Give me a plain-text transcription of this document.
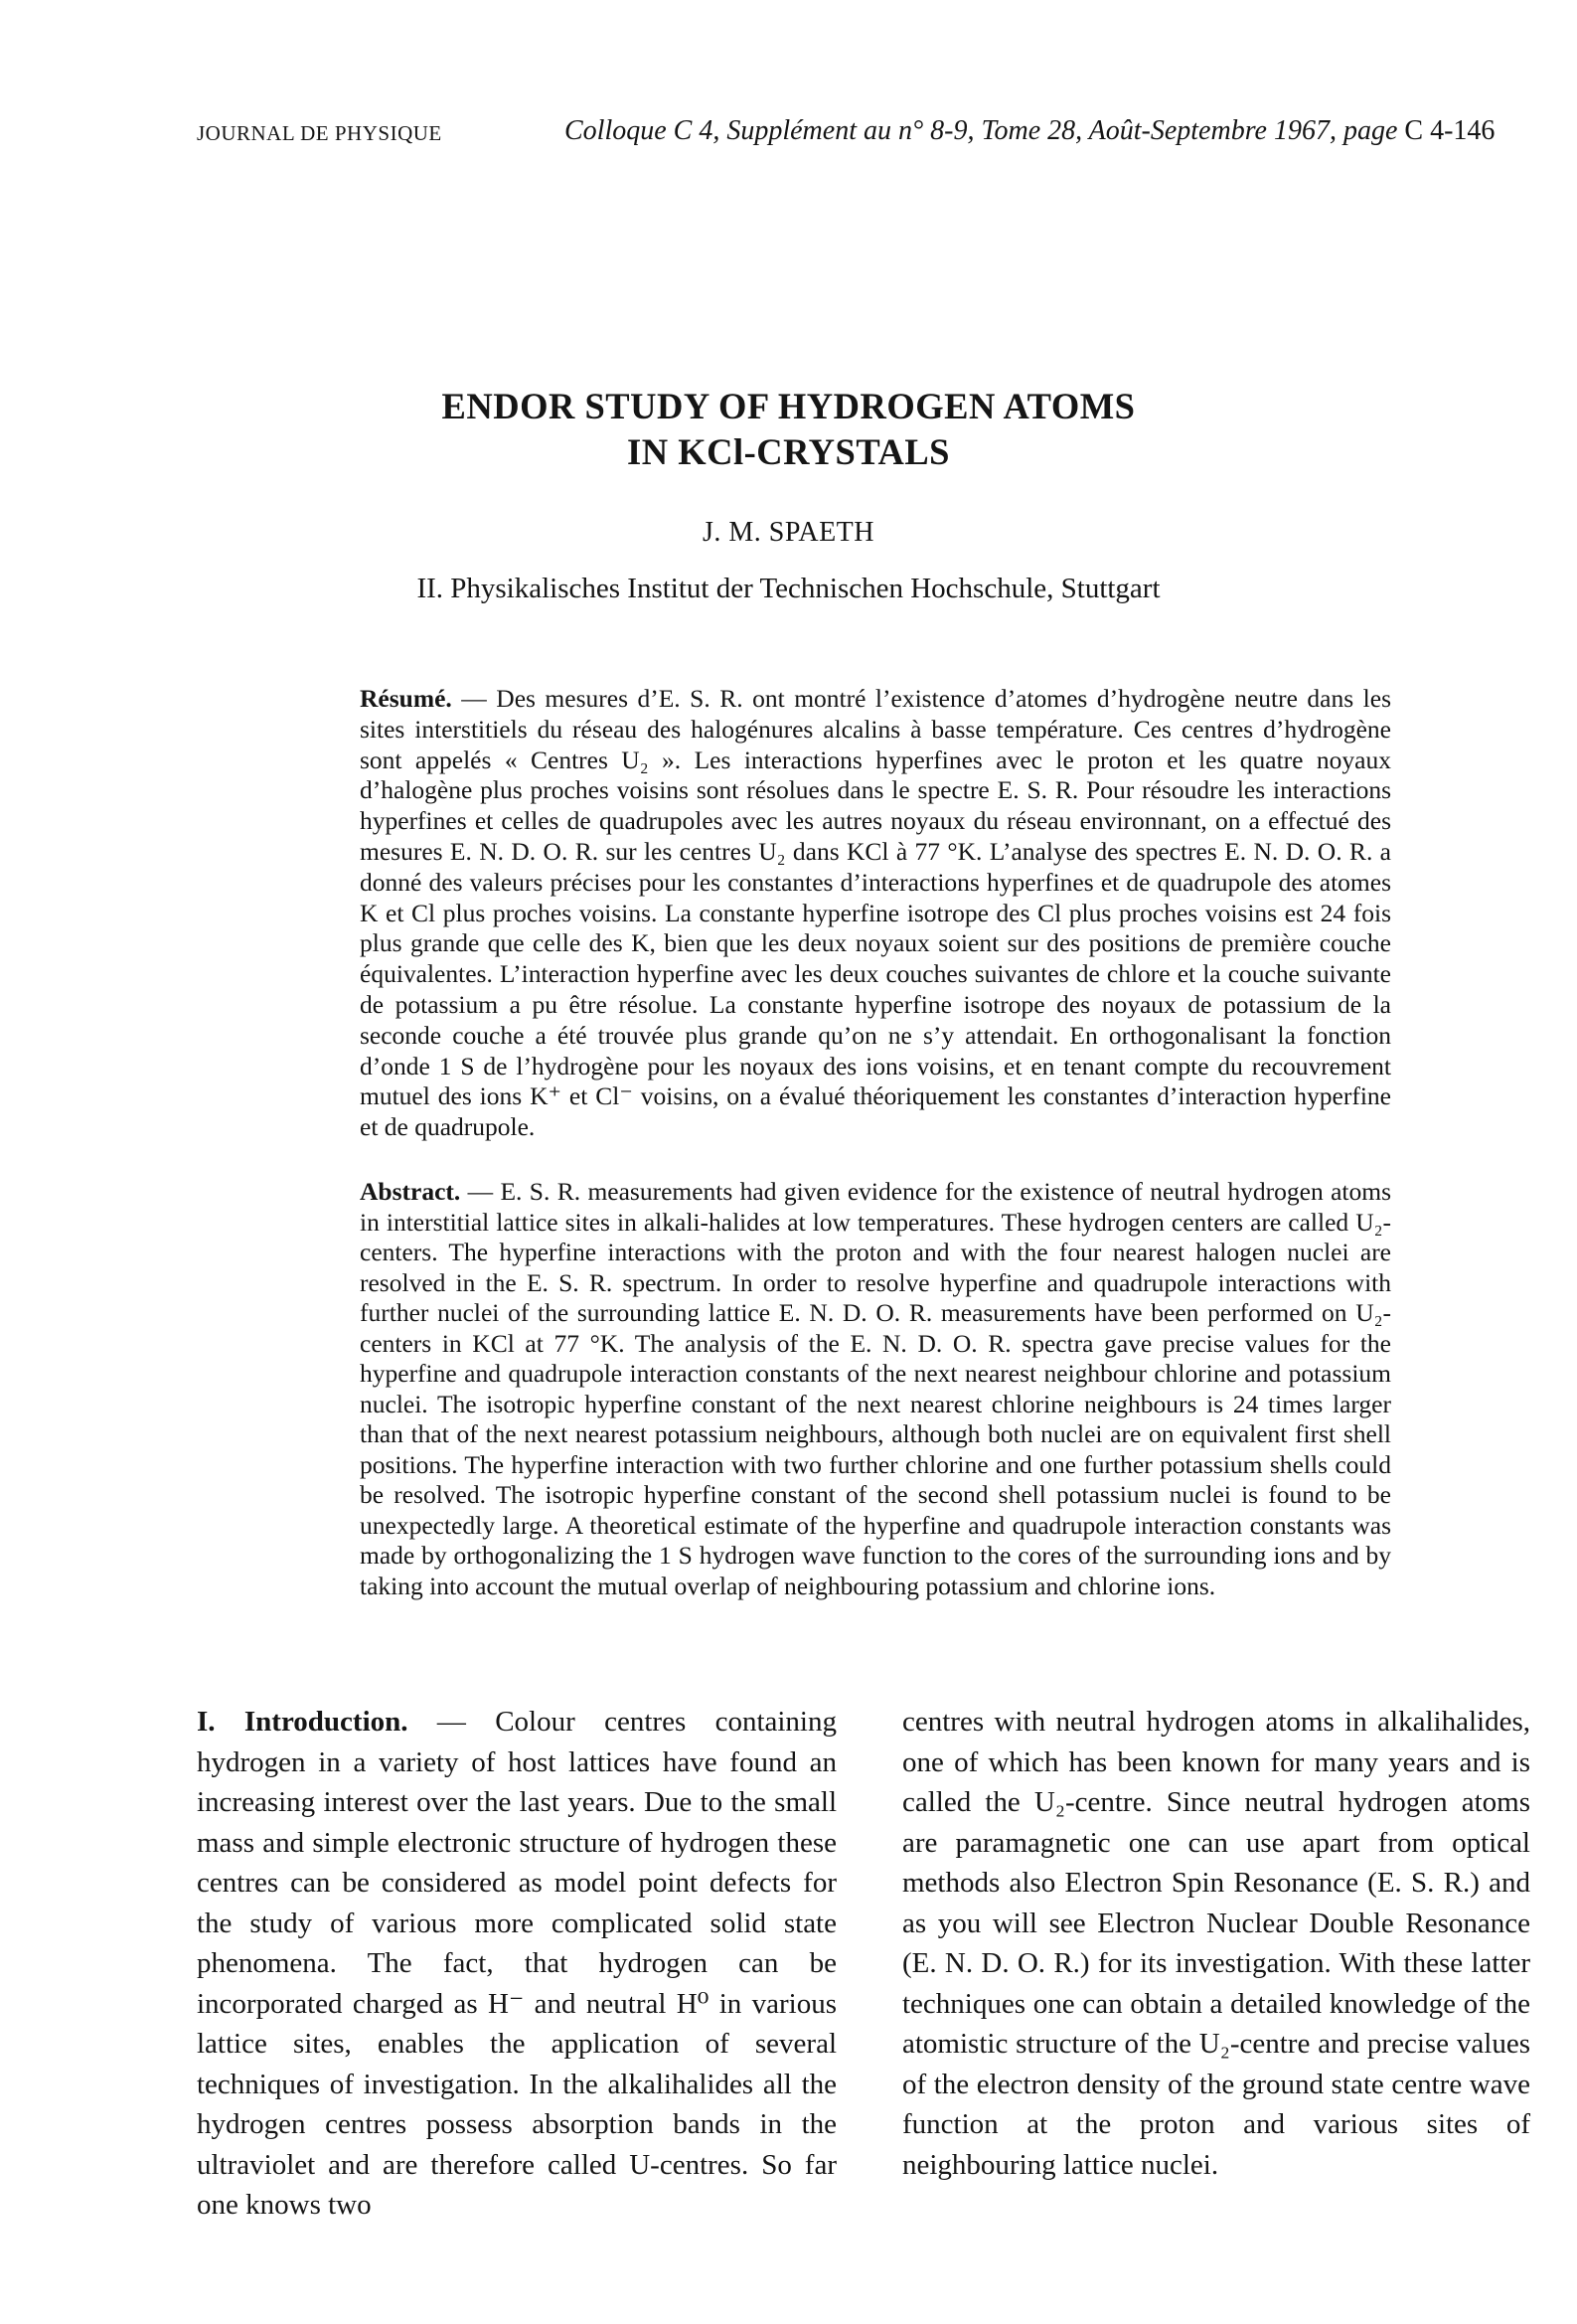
JOURNAL DE PHYSIQUE	Colloque C 4, Supplément au n° 8-9, Tome 28, Août-Septembre 1967, page C 4-146
ENDOR STUDY OF HYDROGEN ATOMS
IN KCl-CRYSTALS
J. M. SPAETH
II. Physikalisches Institut der Technischen Hochschule, Stuttgart
Résumé. — Des mesures d’E. S. R. ont montré l’existence d’atomes d’hydrogène neutre dans les sites interstitiels du réseau des halogénures alcalins à basse température. Ces centres d’hydrogène sont appelés « Centres U₂ ». Les interactions hyperfines avec le proton et les quatre noyaux d’halogène plus proches voisins sont résolues dans le spectre E. S. R. Pour résoudre les interactions hyperfines et celles de quadrupoles avec les autres noyaux du réseau environnant, on a effectué des mesures E. N. D. O. R. sur les centres U₂ dans KCl à 77 °K. L’analyse des spectres E. N. D. O. R. a donné des valeurs précises pour les constantes d’interactions hyperfines et de quadrupole des atomes K et Cl plus proches voisins. La constante hyperfine isotrope des Cl plus proches voisins est 24 fois plus grande que celle des K, bien que les deux noyaux soient sur des positions de première couche équivalentes. L’interaction hyperfine avec les deux couches suivantes de chlore et la couche suivante de potassium a pu être résolue. La constante hyperfine isotrope des noyaux de potassium de la seconde couche a été trouvée plus grande qu’on ne s’y attendait. En orthogonalisant la fonction d’onde 1 S de l’hydrogène pour les noyaux des ions voisins, et en tenant compte du recouvrement mutuel des ions K⁺ et Cl⁻ voisins, on a évalué théoriquement les constantes d’interaction hyperfine et de quadrupole.
Abstract. — E. S. R. measurements had given evidence for the existence of neutral hydrogen atoms in interstitial lattice sites in alkali-halides at low temperatures. These hydrogen centers are called U₂-centers. The hyperfine interactions with the proton and with the four nearest halogen nuclei are resolved in the E. S. R. spectrum. In order to resolve hyperfine and quadrupole interactions with further nuclei of the surrounding lattice E. N. D. O. R. measurements have been performed on U₂-centers in KCl at 77 °K. The analysis of the E. N. D. O. R. spectra gave precise values for the hyperfine and quadrupole interaction constants of the next nearest neighbour chlorine and potassium nuclei. The isotropic hyperfine constant of the next nearest chlorine neighbours is 24 times larger than that of the next nearest potassium neighbours, although both nuclei are on equivalent first shell positions. The hyperfine interaction with two further chlorine and one further potassium shells could be resolved. The isotropic hyperfine constant of the second shell potassium nuclei is found to be unexpectedly large. A theoretical estimate of the hyperfine and quadrupole interaction constants was made by orthogonalizing the 1 S hydrogen wave function to the cores of the surrounding ions and by taking into account the mutual overlap of neighbouring potassium and chlorine ions.
I. Introduction. — Colour centres containing hydrogen in a variety of host lattices have found an increasing interest over the last years. Due to the small mass and simple electronic structure of hydrogen these centres can be considered as model point defects for the study of various more complicated solid state phenomena. The fact, that hydrogen can be incorporated charged as H⁻ and neutral H⁰ in various lattice sites, enables the application of several techniques of investigation. In the alkalihalides all the hydrogen centres possess absorption bands in the ultraviolet and are therefore called U-centres. So far one knows two
centres with neutral hydrogen atoms in alkalihalides, one of which has been known for many years and is called the U₂-centre. Since neutral hydrogen atoms are paramagnetic one can use apart from optical methods also Electron Spin Resonance (E. S. R.) and as you will see Electron Nuclear Double Resonance (E. N. D. O. R.) for its investigation. With these latter techniques one can obtain a detailed knowledge of the atomistic structure of the U₂-centre and precise values of the electron density of the ground state centre wave function at the proton and various sites of neighbouring lattice nuclei.
